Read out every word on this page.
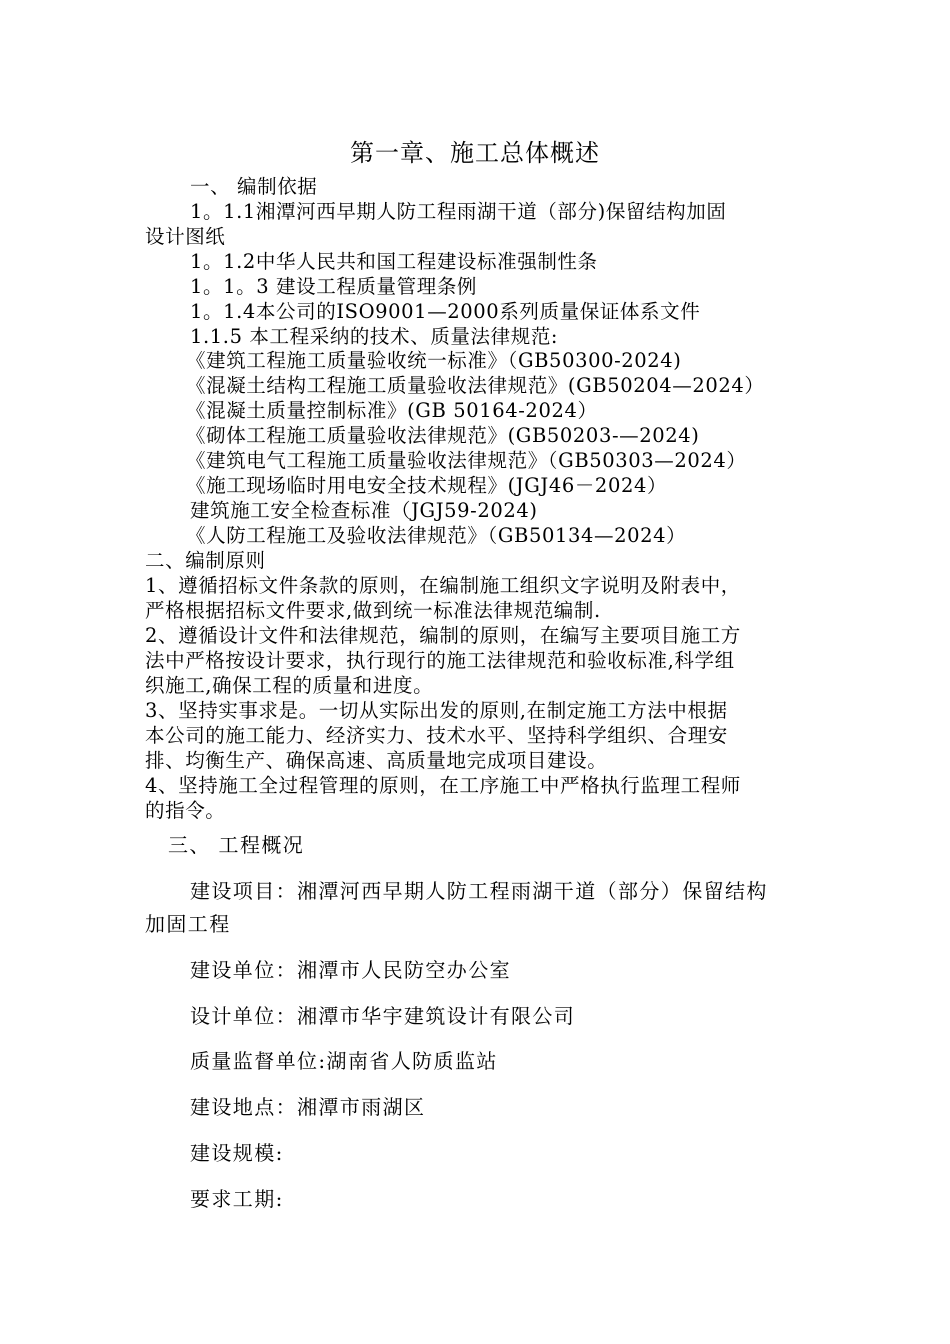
第一章、施工总体概述
一、 编制依据
1。1.1湘潭河西早期人防工程雨湖干道（部分)保留结构加固
设计图纸
1。1.2中华人民共和国工程建设标准强制性条
1。1。3 建设工程质量管理条例
1。1.4本公司的ISO9001—2000系列质量保证体系文件
1.1.5 本工程采纳的技术、质量法律规范:
《建筑工程施工质量验收统一标准》（GB50300-2024)
《混凝土结构工程施工质量验收法律规范》(GB50204—2024）
《混凝土质量控制标准》(GB 50164-2024）
《砌体工程施工质量验收法律规范》(GB50203-—2024)
《建筑电气工程施工质量验收法律规范》（GB50303—2024）
《施工现场临时用电安全技术规程》(JGJ46－2024）
建筑施工安全检查标准（JGJ59-2024)
《人防工程施工及验收法律规范》（GB50134—2024）
二、编制原则
1、遵循招标文件条款的原则，在编制施工组织文字说明及附表中，
严格根据招标文件要求,做到统一标准法律规范编制.
2、遵循设计文件和法律规范，编制的原则，在编写主要项目施工方
法中严格按设计要求，执行现行的施工法律规范和验收标准,科学组
织施工,确保工程的质量和进度。
3、坚持实事求是。一切从实际出发的原则,在制定施工方法中根据
本公司的施工能力、经济实力、技术水平、坚持科学组织、合理安
排、均衡生产、确保高速、高质量地完成项目建设。
4、坚持施工全过程管理的原则，在工序施工中严格执行监理工程师
的指令。
三、 工程概况
建设项目：湘潭河西早期人防工程雨湖干道（部分）保留结构
加固工程
建设单位：湘潭市人民防空办公室
设计单位：湘潭市华宇建筑设计有限公司
质量监督单位:湖南省人防质监站
建设地点：湘潭市雨湖区
建设规模:
要求工期:
